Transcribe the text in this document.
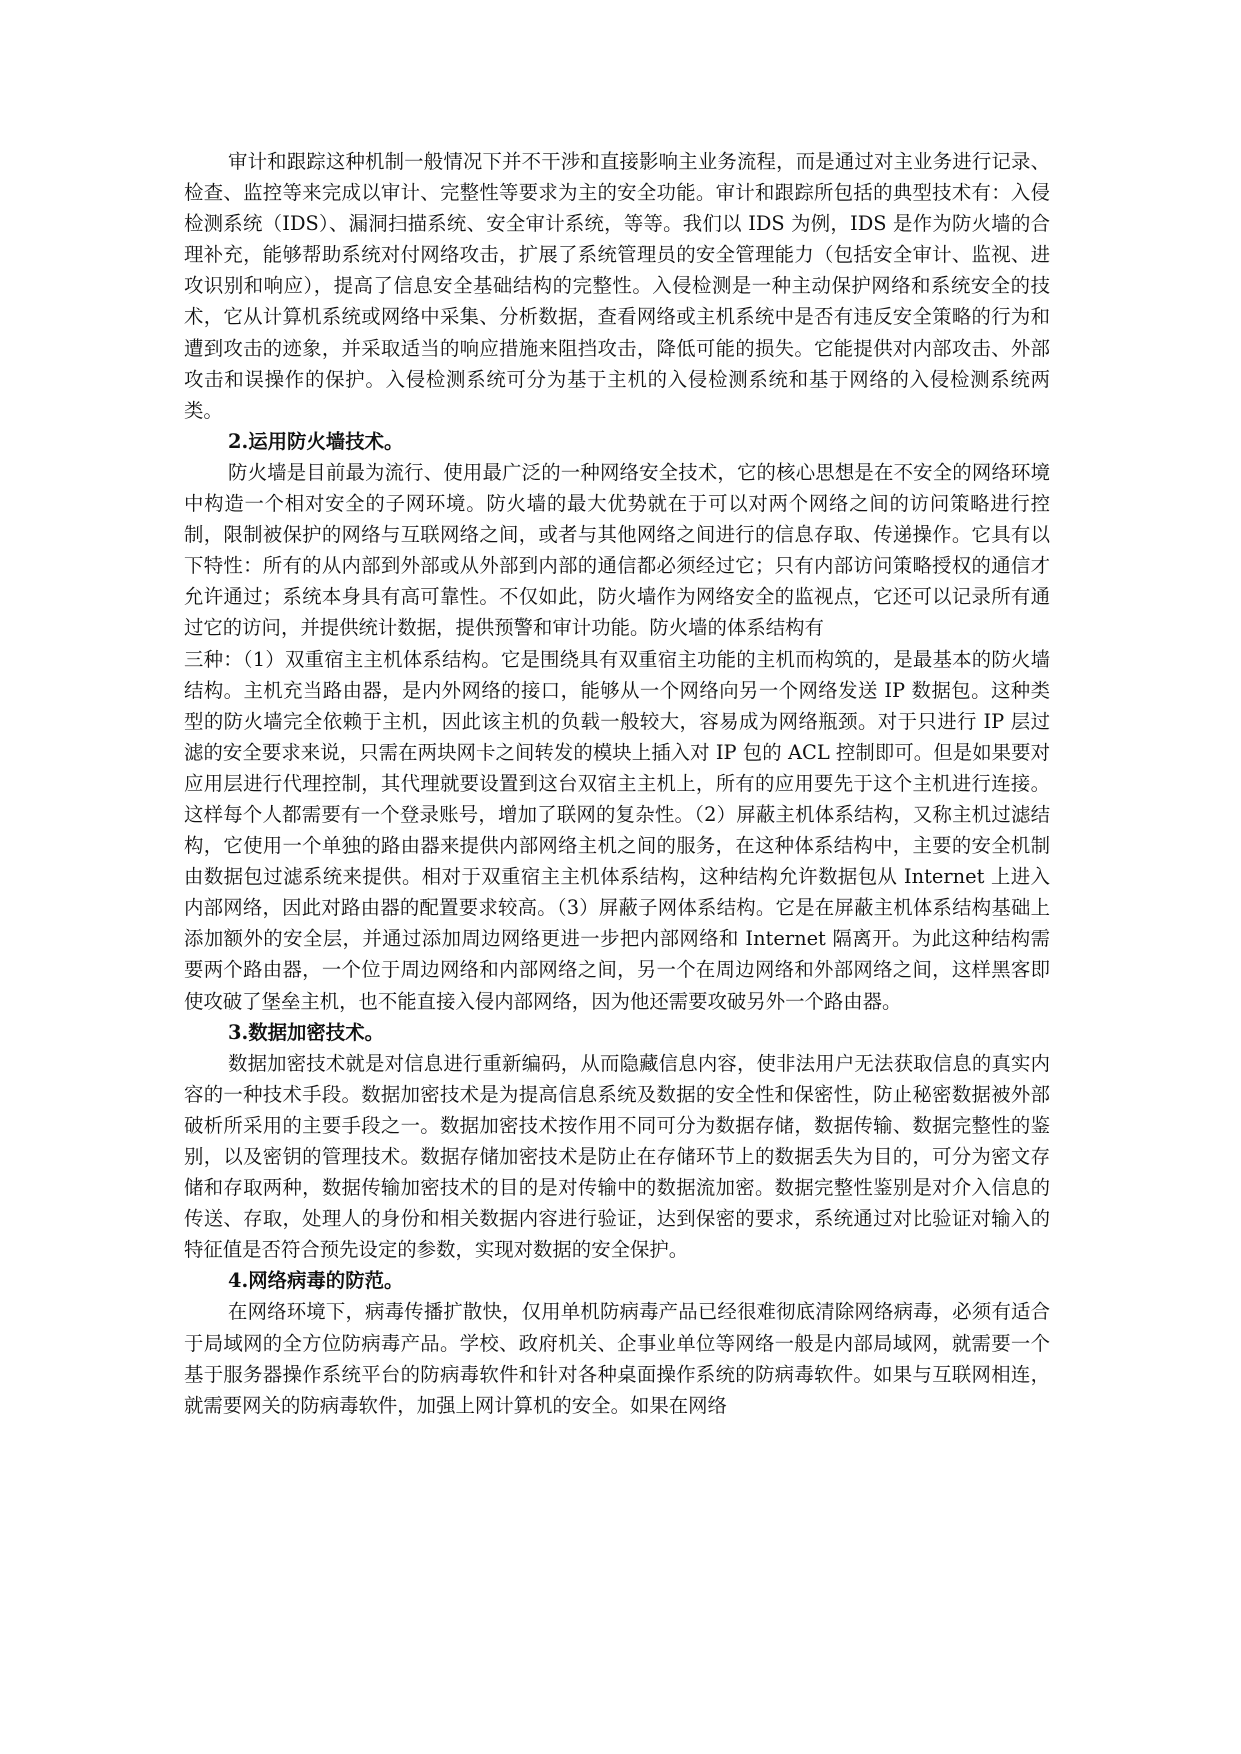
审计和跟踪这种机制一般情况下并不干涉和直接影响主业务流程，而是通过对主业务进行记录、检查、监控等来完成以审计、完整性等要求为主的安全功能。审计和跟踪所包括的典型技术有：入侵检测系统（IDS）、漏洞扫描系统、安全审计系统，等等。我们以 IDS 为例，IDS 是作为防火墙的合理补充，能够帮助系统对付网络攻击，扩展了系统管理员的安全管理能力（包括安全审计、监视、进攻识别和响应），提高了信息安全基础结构的完整性。入侵检测是一种主动保护网络和系统安全的技术，它从计算机系统或网络中采集、分析数据，查看网络或主机系统中是否有违反安全策略的行为和遭到攻击的迹象，并采取适当的响应措施来阻挡攻击，降低可能的损失。它能提供对内部攻击、外部攻击和误操作的保护。入侵检测系统可分为基于主机的入侵检测系统和基于网络的入侵检测系统两类。

2.运用防火墙技术。

防火墙是目前最为流行、使用最广泛的一种网络安全技术，它的核心思想是在不安全的网络环境中构造一个相对安全的子网环境。防火墙的最大优势就在于可以对两个网络之间的访问策略进行控制，限制被保护的网络与互联网络之间，或者与其他网络之间进行的信息存取、传递操作。它具有以下特性：所有的从内部到外部或从外部到内部的通信都必须经过它；只有内部访问策略授权的通信才允许通过；系统本身具有高可靠性。不仅如此，防火墙作为网络安全的监视点，它还可以记录所有通过它的访问，并提供统计数据，提供预警和审计功能。防火墙的体系结构有

三种：（1）双重宿主主机体系结构。它是围绕具有双重宿主功能的主机而构筑的，是最基本的防火墙结构。主机充当路由器，是内外网络的接口，能够从一个网络向另一个网络发送 IP 数据包。这种类型的防火墙完全依赖于主机，因此该主机的负载一般较大，容易成为网络瓶颈。对于只进行 IP 层过滤的安全要求来说，只需在两块网卡之间转发的模块上插入对 IP 包的 ACL 控制即可。但是如果要对应用层进行代理控制，其代理就要设置到这台双宿主主机上，所有的应用要先于这个主机进行连接。这样每个人都需要有一个登录账号，增加了联网的复杂性。（2）屏蔽主机体系结构，又称主机过滤结构，它使用一个单独的路由器来提供内部网络主机之间的服务，在这种体系结构中，主要的安全机制由数据包过滤系统来提供。相对于双重宿主主机体系结构，这种结构允许数据包从 Internet 上进入内部网络，因此对路由器的配置要求较高。（3）屏蔽子网体系结构。它是在屏蔽主机体系结构基础上添加额外的安全层，并通过添加周边网络更进一步把内部网络和 Internet 隔离开。为此这种结构需要两个路由器，一个位于周边网络和内部网络之间，另一个在周边网络和外部网络之间，这样黑客即使攻破了堡垒主机，也不能直接入侵内部网络，因为他还需要攻破另外一个路由器。

3.数据加密技术。

数据加密技术就是对信息进行重新编码，从而隐藏信息内容，使非法用户无法获取信息的真实内容的一种技术手段。数据加密技术是为提高信息系统及数据的安全性和保密性，防止秘密数据被外部破析所采用的主要手段之一。数据加密技术按作用不同可分为数据存储，数据传输、数据完整性的鉴别，以及密钥的管理技术。数据存储加密技术是防止在存储环节上的数据丢失为目的，可分为密文存储和存取两种，数据传输加密技术的目的是对传输中的数据流加密。数据完整性鉴别是对介入信息的传送、存取，处理人的身份和相关数据内容进行验证，达到保密的要求，系统通过对比验证对输入的特征值是否符合预先设定的参数，实现对数据的安全保护。

4.网络病毒的防范。

在网络环境下，病毒传播扩散快，仅用单机防病毒产品已经很难彻底清除网络病毒，必须有适合于局域网的全方位防病毒产品。学校、政府机关、企事业单位等网络一般是内部局域网，就需要一个基于服务器操作系统平台的防病毒软件和针对各种桌面操作系统的防病毒软件。如果与互联网相连，就需要网关的防病毒软件，加强上网计算机的安全。如果在网络
